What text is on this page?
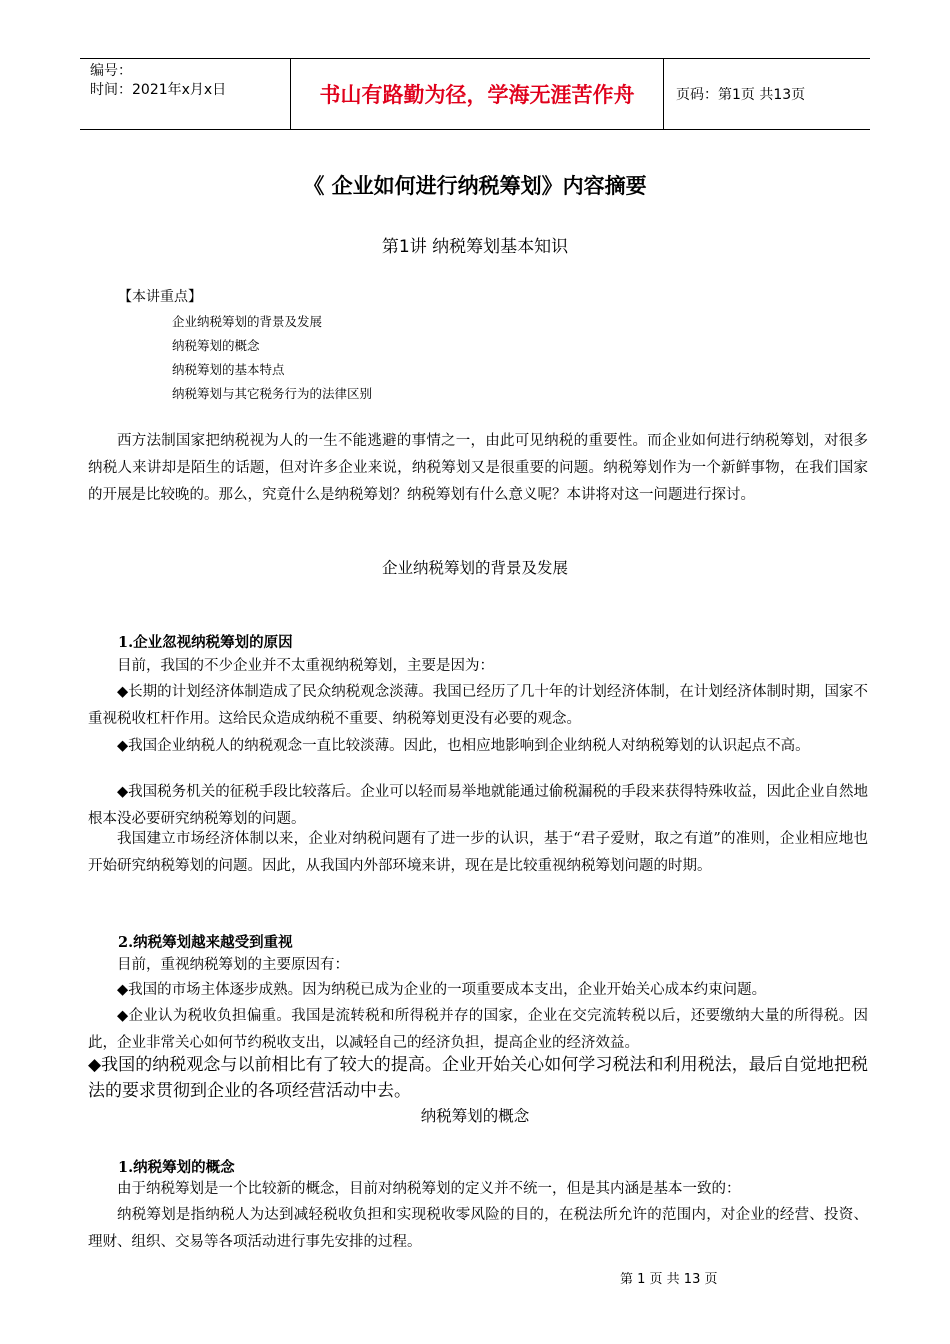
编号：
时间：2021年x月x日	书山有路勤为径，学海无涯苦作舟	页码：第1页 共13页
《 企业如何进行纳税筹划》内容摘要
第1讲 纳税筹划基本知识
【本讲重点】
企业纳税筹划的背景及发展
纳税筹划的概念
纳税筹划的基本特点
纳税筹划与其它税务行为的法律区别
西方法制国家把纳税视为人的一生不能逃避的事情之一，由此可见纳税的重要性。而企业如何进行纳税筹划，对很多纳税人来讲却是陌生的话题，但对许多企业来说，纳税筹划又是很重要的问题。纳税筹划作为一个新鲜事物，在我们国家的开展是比较晚的。那么，究竟什么是纳税筹划？纳税筹划有什么意义呢？本讲将对这一问题进行探讨。
企业纳税筹划的背景及发展
1.企业忽视纳税筹划的原因
目前，我国的不少企业并不太重视纳税筹划，主要是因为：
◆长期的计划经济体制造成了民众纳税观念淡薄。我国已经历了几十年的计划经济体制，在计划经济体制时期，国家不重视税收杠杆作用。这给民众造成纳税不重要、纳税筹划更没有必要的观念。
◆我国企业纳税人的纳税观念一直比较淡薄。因此，也相应地影响到企业纳税人对纳税筹划的认识起点不高。
◆我国税务机关的征税手段比较落后。企业可以轻而易举地就能通过偷税漏税的手段来获得特殊收益，因此企业自然地根本没必要研究纳税筹划的问题。
我国建立市场经济体制以来，企业对纳税问题有了进一步的认识，基于“君子爱财，取之有道”的准则，企业相应地也开始研究纳税筹划的问题。因此，从我国内外部环境来讲，现在是比较重视纳税筹划问题的时期。
2.纳税筹划越来越受到重视
目前，重视纳税筹划的主要原因有：
◆我国的市场主体逐步成熟。因为纳税已成为企业的一项重要成本支出，企业开始关心成本约束问题。
◆企业认为税收负担偏重。我国是流转税和所得税并存的国家，企业在交完流转税以后，还要缴纳大量的所得税。因此，企业非常关心如何节约税收支出，以减轻自己的经济负担，提高企业的经济效益。
◆我国的纳税观念与以前相比有了较大的提高。企业开始关心如何学习税法和利用税法，最后自觉地把税法的要求贯彻到企业的各项经营活动中去。
纳税筹划的概念
1.纳税筹划的概念
由于纳税筹划是一个比较新的概念，目前对纳税筹划的定义并不统一，但是其内涵是基本一致的：
纳税筹划是指纳税人为达到减轻税收负担和实现税收零风险的目的，在税法所允许的范围内，对企业的经营、投资、理财、组织、交易等各项活动进行事先安排的过程。
第 1 页 共 13 页
